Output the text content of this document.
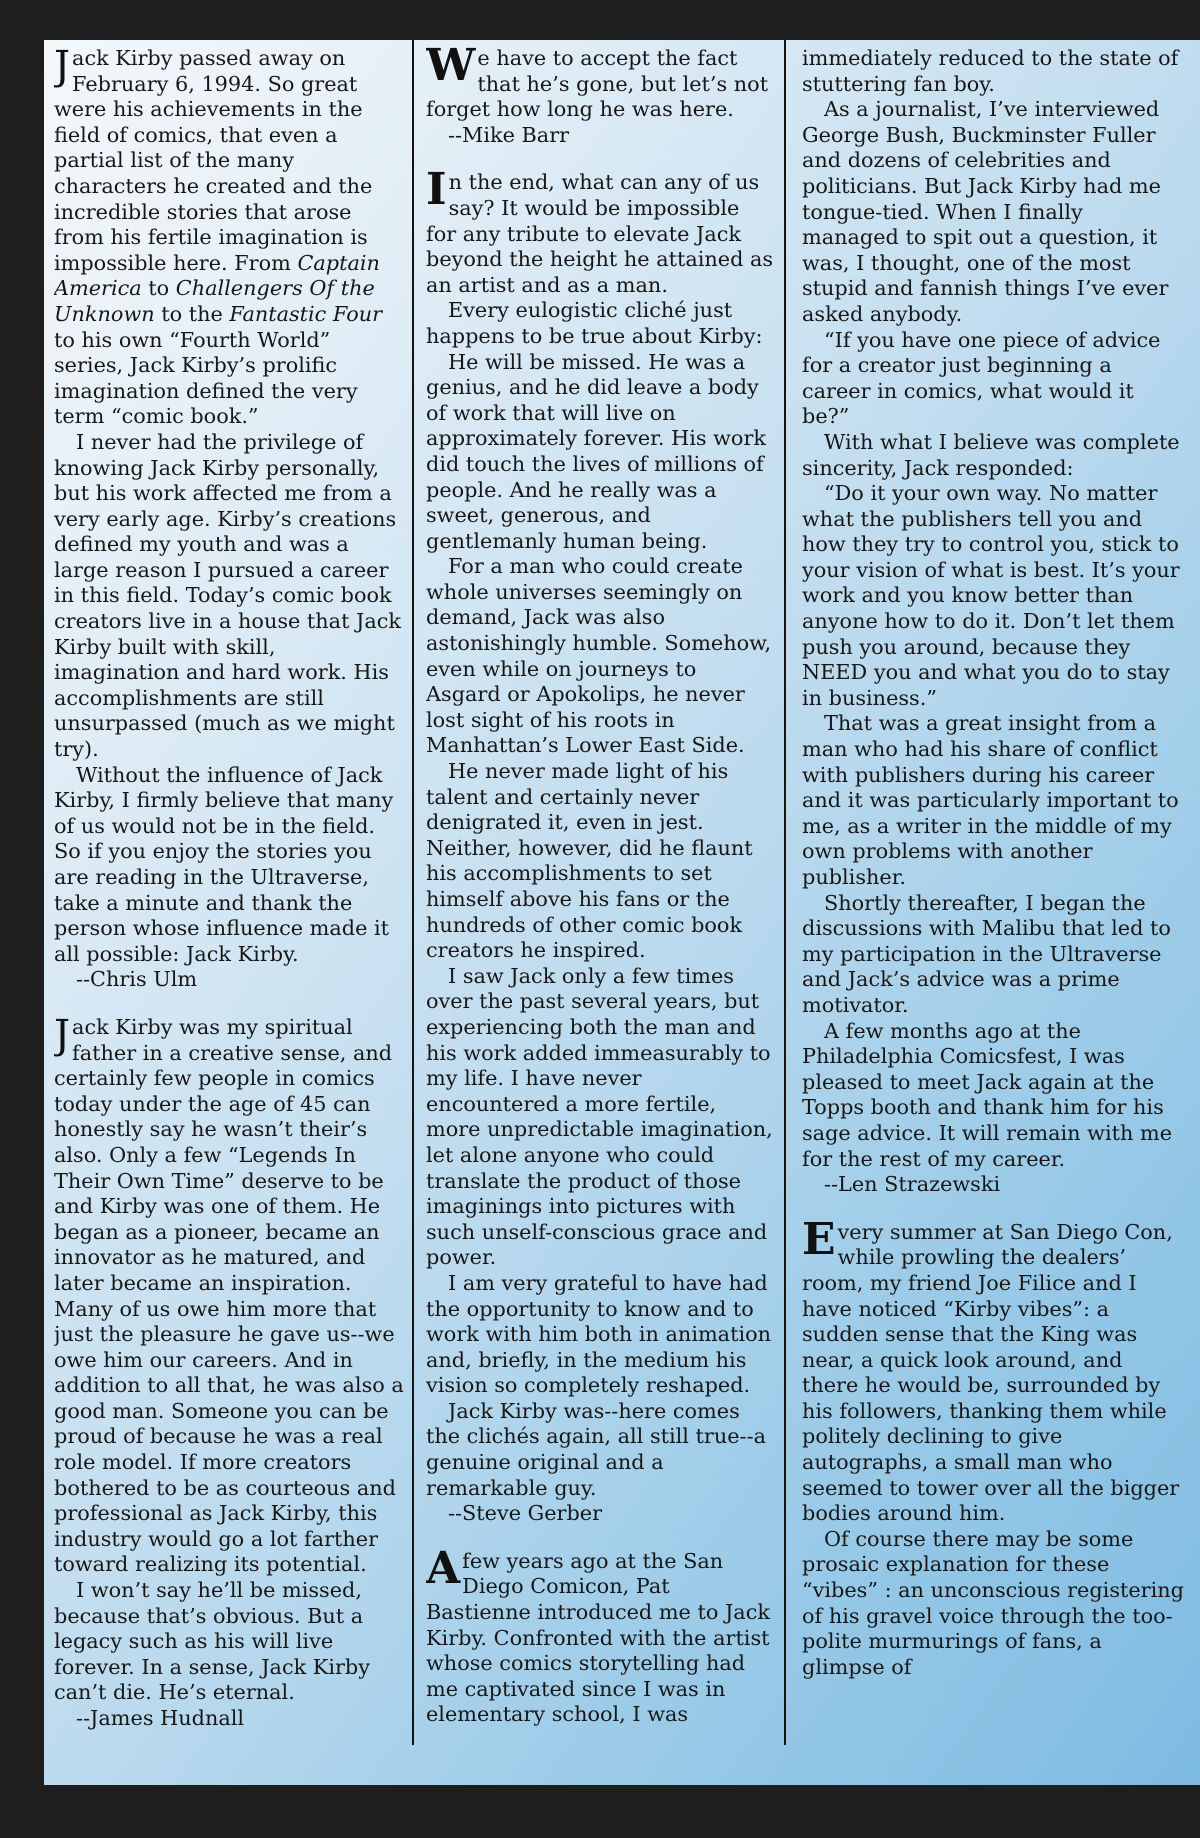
Jack Kirby passed away on February 6, 1994. So great were his achievements in the field of comics, that even a partial list of the many characters he created and the incredible stories that arose from his fertile imagination is impossible here. From Captain America to Challengers Of the Unknown to the Fantastic Four to his own “Fourth World” series, Jack Kirby’s prolific imagination defined the very term “comic book.”

I never had the privilege of knowing Jack Kirby personally, but his work affected me from a very early age. Kirby’s creations defined my youth and was a large reason I pursued a career in this field. Today’s comic book creators live in a house that Jack Kirby built with skill, imagination and hard work. His accomplishments are still unsurpassed (much as we might try).

Without the influence of Jack Kirby, I firmly believe that many of us would not be in the field. So if you enjoy the stories you are reading in the Ultraverse, take a minute and thank the person whose influence made it all possible: Jack Kirby.

--Chris Ulm

Jack Kirby was my spiritual father in a creative sense, and certainly few people in comics today under the age of 45 can honestly say he wasn’t their’s also. Only a few “Legends In Their Own Time” deserve to be and Kirby was one of them. He began as a pioneer, became an innovator as he matured, and later became an inspiration. Many of us owe him more that just the pleasure he gave us--we owe him our careers. And in addition to all that, he was also a good man. Someone you can be proud of because he was a real role model. If more creators bothered to be as courteous and professional as Jack Kirby, this industry would go a lot farther toward realizing its potential.

I won’t say he’ll be missed, because that’s obvious. But a legacy such as his will live forever. In a sense, Jack Kirby can’t die. He’s eternal.

--James Hudnall

We have to accept the fact that he’s gone, but let’s not forget how long he was here.

--Mike Barr

In the end, what can any of us say? It would be impossible for any tribute to elevate Jack beyond the height he attained as an artist and as a man.

Every eulogistic cliché just happens to be true about Kirby:

He will be missed. He was a genius, and he did leave a body of work that will live on approximately forever. His work did touch the lives of millions of people. And he really was a sweet, generous, and gentlemanly human being.

For a man who could create whole universes seemingly on demand, Jack was also astonishingly humble. Somehow, even while on journeys to Asgard or Apokolips, he never lost sight of his roots in Manhattan’s Lower East Side.

He never made light of his talent and certainly never denigrated it, even in jest. Neither, however, did he flaunt his accomplishments to set himself above his fans or the hundreds of other comic book creators he inspired.

I saw Jack only a few times over the past several years, but experiencing both the man and his work added immeasurably to my life. I have never encountered a more fertile, more unpredictable imagination, let alone anyone who could translate the product of those imaginings into pictures with such unself-conscious grace and power.

I am very grateful to have had the opportunity to know and to work with him both in animation and, briefly, in the medium his vision so completely reshaped.

Jack Kirby was--here comes the clichés again, all still true--a genuine original and a remarkable guy.

--Steve Gerber

A few years ago at the San Diego Comicon, Pat Bastienne introduced me to Jack Kirby. Confronted with the artist whose comics storytelling had me captivated since I was in elementary school, I was

immediately reduced to the state of stuttering fan boy.

As a journalist, I’ve interviewed George Bush, Buckminster Fuller and dozens of celebrities and politicians. But Jack Kirby had me tongue-tied. When I finally managed to spit out a question, it was, I thought, one of the most stupid and fannish things I’ve ever asked anybody.

“If you have one piece of advice for a creator just beginning a career in comics, what would it be?”

With what I believe was complete sincerity, Jack responded:

“Do it your own way. No matter what the publishers tell you and how they try to control you, stick to your vision of what is best. It’s your work and you know better than anyone how to do it. Don’t let them push you around, because they NEED you and what you do to stay in business.”

That was a great insight from a man who had his share of conflict with publishers during his career and it was particularly important to me, as a writer in the middle of my own problems with another publisher.

Shortly thereafter, I began the discussions with Malibu that led to my participation in the Ultraverse and Jack’s advice was a prime motivator.

A few months ago at the Philadelphia Comicsfest, I was pleased to meet Jack again at the Topps booth and thank him for his sage advice. It will remain with me for the rest of my career.

--Len Strazewski

Every summer at San Diego Con, while prowling the dealers’ room, my friend Joe Filice and I have noticed “Kirby vibes”: a sudden sense that the King was near, a quick look around, and there he would be, surrounded by his followers, thanking them while politely declining to give autographs, a small man who seemed to tower over all the bigger bodies around him.

Of course there may be some prosaic explanation for these “vibes” : an unconscious registering of his gravel voice through the too-polite murmurings of fans, a glimpse of
